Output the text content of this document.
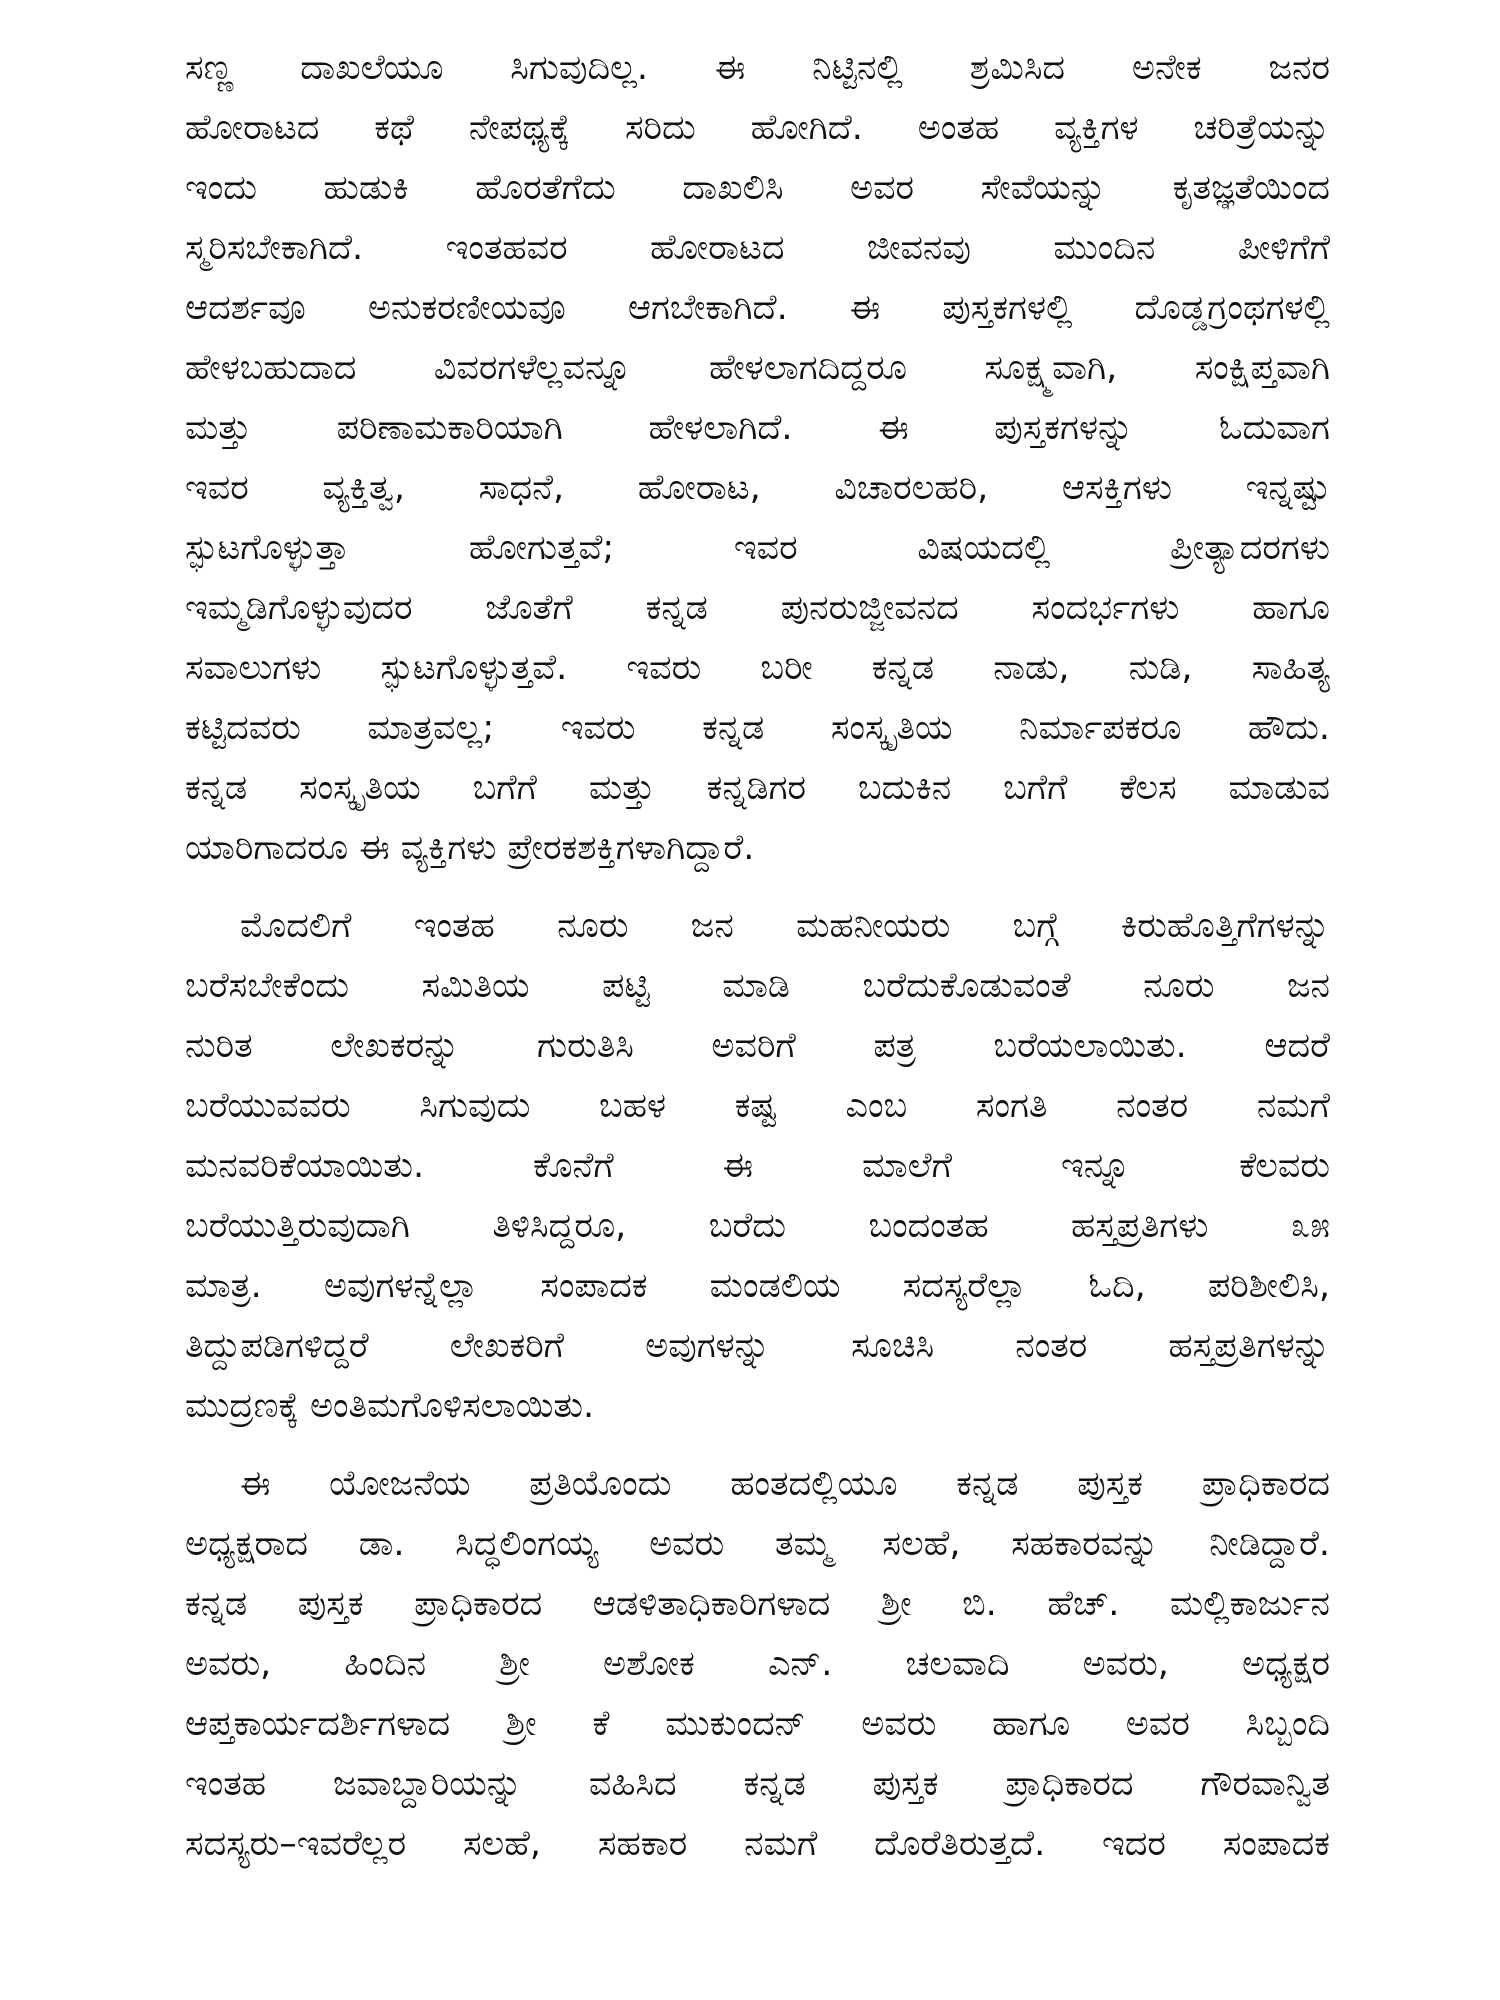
ಸಣ್ಣ ದಾಖಲೆಯೂ ಸಿಗುವುದಿಲ್ಲ. ಈ ನಿಟ್ಟಿನಲ್ಲಿ ಶ್ರಮಿಸಿದ ಅನೇಕ ಜನರ
ಹೋರಾಟದ ಕಥೆ ನೇಪಥ್ಯಕ್ಕೆ ಸರಿದು ಹೋಗಿದೆ. ಅಂತಹ ವ್ಯಕ್ತಿಗಳ ಚರಿತ್ರೆಯನ್ನು
ಇಂದು ಹುಡುಕಿ ಹೊರತೆಗೆದು ದಾಖಲಿಸಿ ಅವರ ಸೇವೆಯನ್ನು ಕೃತಜ್ಞತೆಯಿಂದ
ಸ್ಮರಿಸಬೇಕಾಗಿದೆ. ಇಂತಹವರ ಹೋರಾಟದ ಜೀವನವು ಮುಂದಿನ ಪೀಳಿಗೆಗೆ
ಆದರ್ಶವೂ ಅನುಕರಣೀಯವೂ ಆಗಬೇಕಾಗಿದೆ. ಈ ಪುಸ್ತಕಗಳಲ್ಲಿ ದೊಡ್ಡಗ್ರಂಥಗಳಲ್ಲಿ
ಹೇಳಬಹುದಾದ ವಿವರಗಳೆಲ್ಲವನ್ನೂ ಹೇಳಲಾಗದಿದ್ದರೂ ಸೂಕ್ಷ್ಮವಾಗಿ, ಸಂಕ್ಷಿಪ್ತವಾಗಿ
ಮತ್ತು ಪರಿಣಾಮಕಾರಿಯಾಗಿ ಹೇಳಲಾಗಿದೆ. ಈ ಪುಸ್ತಕಗಳನ್ನು ಓದುವಾಗ
ಇವರ ವ್ಯಕ್ತಿತ್ವ, ಸಾಧನೆ, ಹೋರಾಟ, ವಿಚಾರಲಹರಿ, ಆಸಕ್ತಿಗಳು ಇನ್ನಷ್ಟು
ಸ್ಫುಟಗೊಳ್ಳುತ್ತಾ ಹೋಗುತ್ತವೆ; ಇವರ ವಿಷಯದಲ್ಲಿ ಪ್ರೀತ್ಯಾದರಗಳು
ಇಮ್ಮಡಿಗೊಳ್ಳುವುದರ ಜೊತೆಗೆ ಕನ್ನಡ ಪುನರುಜ್ಜೀವನದ ಸಂದರ್ಭಗಳು ಹಾಗೂ
ಸವಾಲುಗಳು ಸ್ಫುಟಗೊಳ್ಳುತ್ತವೆ. ಇವರು ಬರೀ ಕನ್ನಡ ನಾಡು, ನುಡಿ, ಸಾಹಿತ್ಯ
ಕಟ್ಟಿದವರು ಮಾತ್ರವಲ್ಲ; ಇವರು ಕನ್ನಡ ಸಂಸ್ಕೃತಿಯ ನಿರ್ಮಾಪಕರೂ ಹೌದು.
ಕನ್ನಡ ಸಂಸ್ಕೃತಿಯ ಬಗೆಗೆ ಮತ್ತು ಕನ್ನಡಿಗರ ಬದುಕಿನ ಬಗೆಗೆ ಕೆಲಸ ಮಾಡುವ
ಯಾರಿಗಾದರೂ ಈ ವ್ಯಕ್ತಿಗಳು ಪ್ರೇರಕಶಕ್ತಿಗಳಾಗಿದ್ದಾರೆ.
ಮೊದಲಿಗೆ ಇಂತಹ ನೂರು ಜನ ಮಹನೀಯರು ಬಗ್ಗೆ ಕಿರುಹೊತ್ತಿಗೆಗಳನ್ನು
ಬರೆಸಬೇಕೆಂದು ಸಮಿತಿಯ ಪಟ್ಟಿ ಮಾಡಿ ಬರೆದುಕೊಡುವಂತೆ ನೂರು ಜನ
ನುರಿತ ಲೇಖಕರನ್ನು ಗುರುತಿಸಿ ಅವರಿಗೆ ಪತ್ರ ಬರೆಯಲಾಯಿತು. ಆದರೆ
ಬರೆಯುವವರು ಸಿಗುವುದು ಬಹಳ ಕಷ್ಟ ಎಂಬ ಸಂಗತಿ ನಂತರ ನಮಗೆ
ಮನವರಿಕೆಯಾಯಿತು. ಕೊನೆಗೆ ಈ ಮಾಲೆಗೆ ಇನ್ನೂ ಕೆಲವರು
ಬರೆಯುತ್ತಿರುವುದಾಗಿ ತಿಳಿಸಿದ್ದರೂ, ಬರೆದು ಬಂದಂತಹ ಹಸ್ತಪ್ರತಿಗಳು ೩೫
ಮಾತ್ರ. ಅವುಗಳನ್ನೆಲ್ಲಾ ಸಂಪಾದಕ ಮಂಡಲಿಯ ಸದಸ್ಯರೆಲ್ಲಾ ಓದಿ, ಪರಿಶೀಲಿಸಿ,
ತಿದ್ದುಪಡಿಗಳಿದ್ದರೆ ಲೇಖಕರಿಗೆ ಅವುಗಳನ್ನು ಸೂಚಿಸಿ ನಂತರ ಹಸ್ತಪ್ರತಿಗಳನ್ನು
ಮುದ್ರಣಕ್ಕೆ ಅಂತಿಮಗೊಳಿಸಲಾಯಿತು.
ಈ ಯೋಜನೆಯ ಪ್ರತಿಯೊಂದು ಹಂತದಲ್ಲಿಯೂ ಕನ್ನಡ ಪುಸ್ತಕ ಪ್ರಾಧಿಕಾರದ
ಅಧ್ಯಕ್ಷರಾದ ಡಾ. ಸಿದ್ಧಲಿಂಗಯ್ಯ ಅವರು ತಮ್ಮ ಸಲಹೆ, ಸಹಕಾರವನ್ನು ನೀಡಿದ್ದಾರೆ.
ಕನ್ನಡ ಪುಸ್ತಕ ಪ್ರಾಧಿಕಾರದ ಆಡಳಿತಾಧಿಕಾರಿಗಳಾದ ಶ್ರೀ ಬಿ. ಹೆಚ್. ಮಲ್ಲಿಕಾರ್ಜುನ
ಅವರು, ಹಿಂದಿನ ಶ್ರೀ ಅಶೋಕ ಎನ್. ಚಲವಾದಿ ಅವರು, ಅಧ್ಯಕ್ಷರ
ಆಪ್ತಕಾರ್ಯದರ್ಶಿಗಳಾದ ಶ್ರೀ ಕೆ ಮುಕುಂದನ್ ಅವರು ಹಾಗೂ ಅವರ ಸಿಬ್ಬಂದಿ
ಇಂತಹ ಜವಾಬ್ದಾರಿಯನ್ನು ವಹಿಸಿದ ಕನ್ನಡ ಪುಸ್ತಕ ಪ್ರಾಧಿಕಾರದ ಗೌರವಾನ್ವಿತ
ಸದಸ್ಯರು–ಇವರೆಲ್ಲರ ಸಲಹೆ, ಸಹಕಾರ ನಮಗೆ ದೊರೆತಿರುತ್ತದೆ. ಇದರ ಸಂಪಾದಕ
